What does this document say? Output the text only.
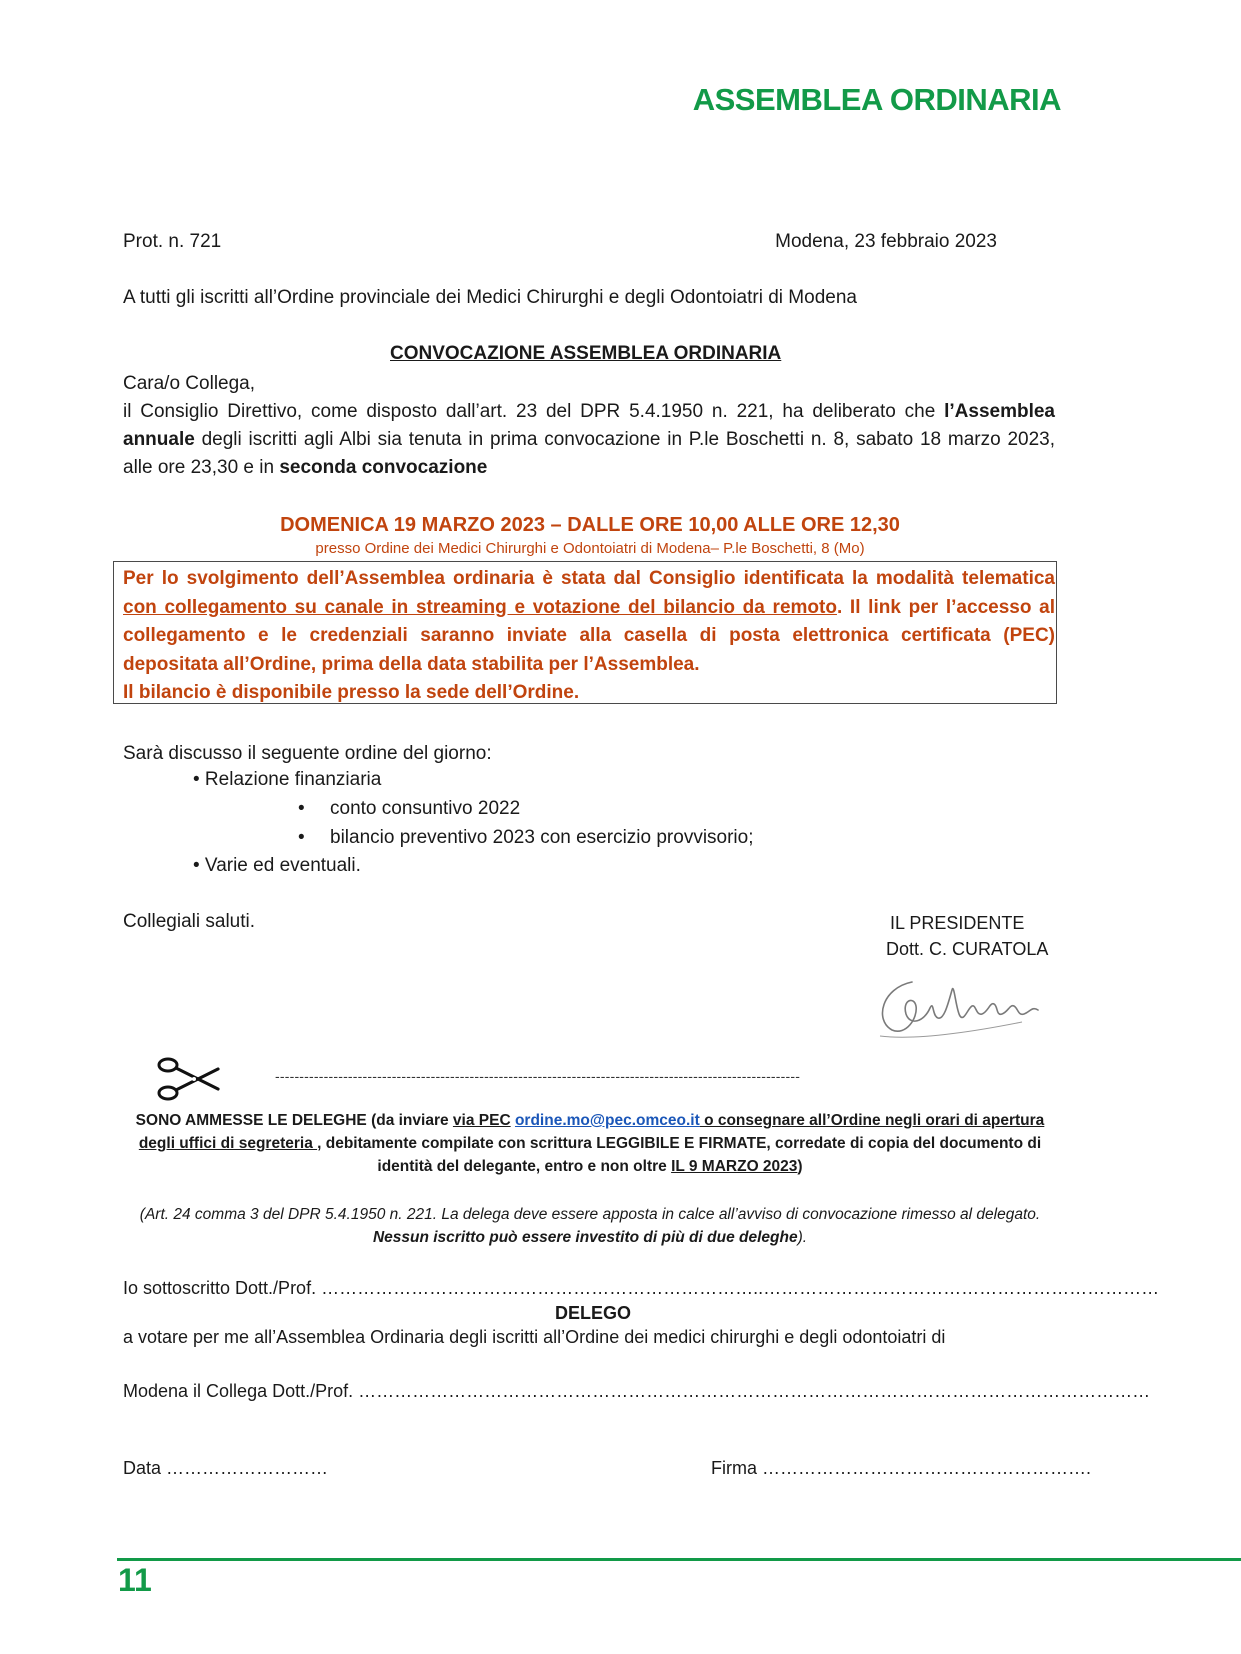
ASSEMBLEA ORDINARIA
Prot. n. 721	Modena, 23 febbraio 2023
A tutti gli iscritti all’Ordine provinciale dei Medici Chirurghi e degli Odontoiatri di Modena
CONVOCAZIONE ASSEMBLEA ORDINARIA
Cara/o Collega,
il Consiglio Direttivo, come disposto dall’art. 23 del DPR 5.4.1950 n. 221, ha deliberato che l’Assemblea annuale degli iscritti agli Albi sia tenuta in prima convocazione in P.le Boschetti n. 8, sabato 18 marzo 2023, alle ore 23,30 e in seconda convocazione
DOMENICA 19 MARZO 2023 – DALLE ORE 10,00 ALLE ORE 12,30
presso Ordine dei Medici Chirurghi e Odontoiatri di Modena– P.le Boschetti, 8 (Mo)
Per lo svolgimento dell’Assemblea ordinaria è stata dal Consiglio identificata la modalità telematica con collegamento su canale in streaming e votazione del bilancio da remoto. Il link per l’accesso al collegamento e le credenziali saranno inviate alla casella di posta elettronica certificata (PEC) depositata all’Ordine, prima della data stabilita per l’Assemblea.
Il bilancio è disponibile presso la sede dell’Ordine.
Sarà discusso il seguente ordine del giorno:
• Relazione finanziaria
• conto consuntivo 2022
• bilancio preventivo 2023 con esercizio provvisorio;
• Varie ed eventuali.
Collegiali saluti.	IL PRESIDENTE
Dott. C. CURATOLA
------------------------------------------------------------------------------------------------------------
SONO AMMESSE LE DELEGHE (da inviare via PEC ordine.mo@pec.omceo.it o consegnare all’Ordine negli orari di apertura degli uffici di segreteria , debitamente compilate con scrittura LEGGIBILE E FIRMATE, corredate di copia del documento di identità del delegante, entro e non oltre IL 9 MARZO 2023)
(Art. 24 comma 3 del DPR 5.4.1950 n. 221. La delega deve essere apposta in calce all’avviso di convocazione rimesso al delegato. Nessun iscritto può essere investito di più di due deleghe).
Io sottoscritto Dott./Prof. ………………………………………………………………..…………………………………………………………
DELEGO
a votare per me all’Assemblea Ordinaria degli iscritti all’Ordine dei medici chirurghi e degli odontoiatri di
Modena il Collega Dott./Prof. ……………………………………………………………………………………………………………………
Data ………………………	Firma ……………………………………………….
11
